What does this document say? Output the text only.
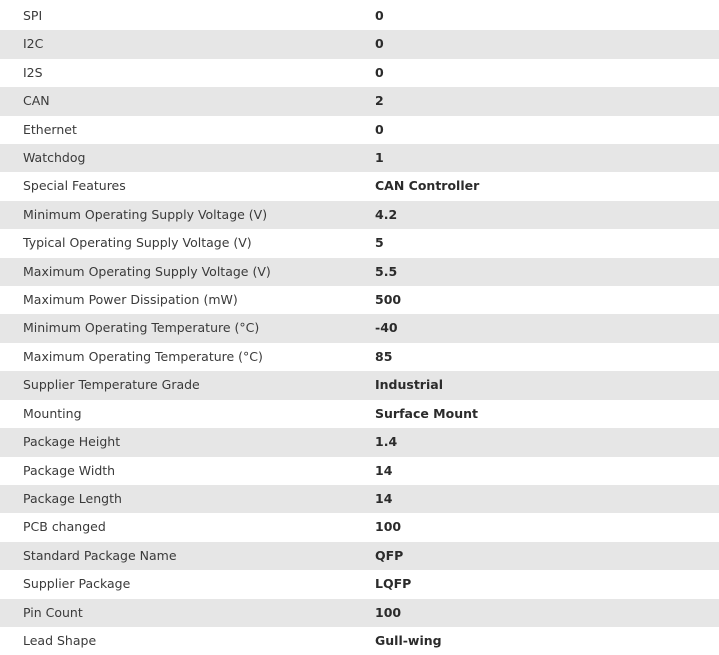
SPI	0
I2C	0
I2S	0
CAN	2
Ethernet	0
Watchdog	1
Special Features	CAN Controller
Minimum Operating Supply Voltage (V)	4.2
Typical Operating Supply Voltage (V)	5
Maximum Operating Supply Voltage (V)	5.5
Maximum Power Dissipation (mW)	500
Minimum Operating Temperature (°C)	-40
Maximum Operating Temperature (°C)	85
Supplier Temperature Grade	Industrial
Mounting	Surface Mount
Package Height	1.4
Package Width	14
Package Length	14
PCB changed	100
Standard Package Name	QFP
Supplier Package	LQFP
Pin Count	100
Lead Shape	Gull-wing
